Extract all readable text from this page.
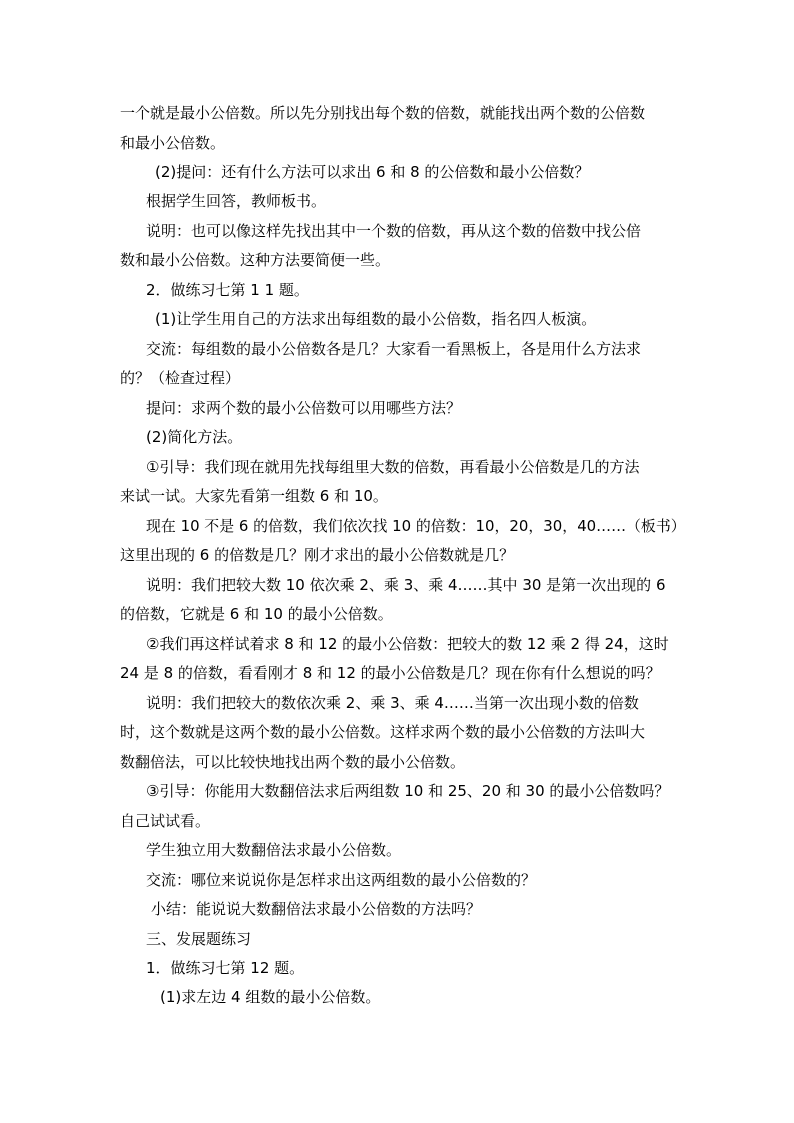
一个就是最小公倍数。所以先分别找出每个数的倍数，就能找出两个数的公倍数

和最小公倍数。

(2)提问：还有什么方法可以求出 6 和 8 的公倍数和最小公倍数？

根据学生回答，教师板书。

说明：也可以像这样先找出其中一个数的倍数，再从这个数的倍数中找公倍

数和最小公倍数。这种方法要简便一些。

2．做练习七第 1 1 题。

(1)让学生用自己的方法求出每组数的最小公倍数，指名四人板演。

交流：每组数的最小公倍数各是几？大家看一看黑板上，各是用什么方法求

的？（检查过程）

提问：求两个数的最小公倍数可以用哪些方法？

(2)简化方法。

①引导：我们现在就用先找每组里大数的倍数，再看最小公倍数是几的方法

来试一试。大家先看第一组数 6 和 10。

现在 10 不是 6 的倍数，我们依次找 10 的倍数：10，20，30，40……（板书）

这里出现的 6 的倍数是几？刚才求出的最小公倍数就是几？

说明：我们把较大数 10 依次乘 2、乘 3、乘 4……其中 30 是第一次出现的 6

的倍数，它就是 6 和 10 的最小公倍数。

②我们再这样试着求 8 和 12 的最小公倍数：把较大的数 12 乘 2 得 24，这时

24 是 8 的倍数，看看刚才 8 和 12 的最小公倍数是几？现在你有什么想说的吗？

说明：我们把较大的数依次乘 2、乘 3、乘 4……当第一次出现小数的倍数

时，这个数就是这两个数的最小公倍数。这样求两个数的最小公倍数的方法叫大

数翻倍法，可以比较快地找出两个数的最小公倍数。

③引导：你能用大数翻倍法求后两组数 10 和 25、20 和 30 的最小公倍数吗？

自己试试看。

学生独立用大数翻倍法求最小公倍数。

交流：哪位来说说你是怎样求出这两组数的最小公倍数的？

小结：能说说大数翻倍法求最小公倍数的方法吗？

三、发展题练习

1．做练习七第 12 题。

(1)求左边 4 组数的最小公倍数。
